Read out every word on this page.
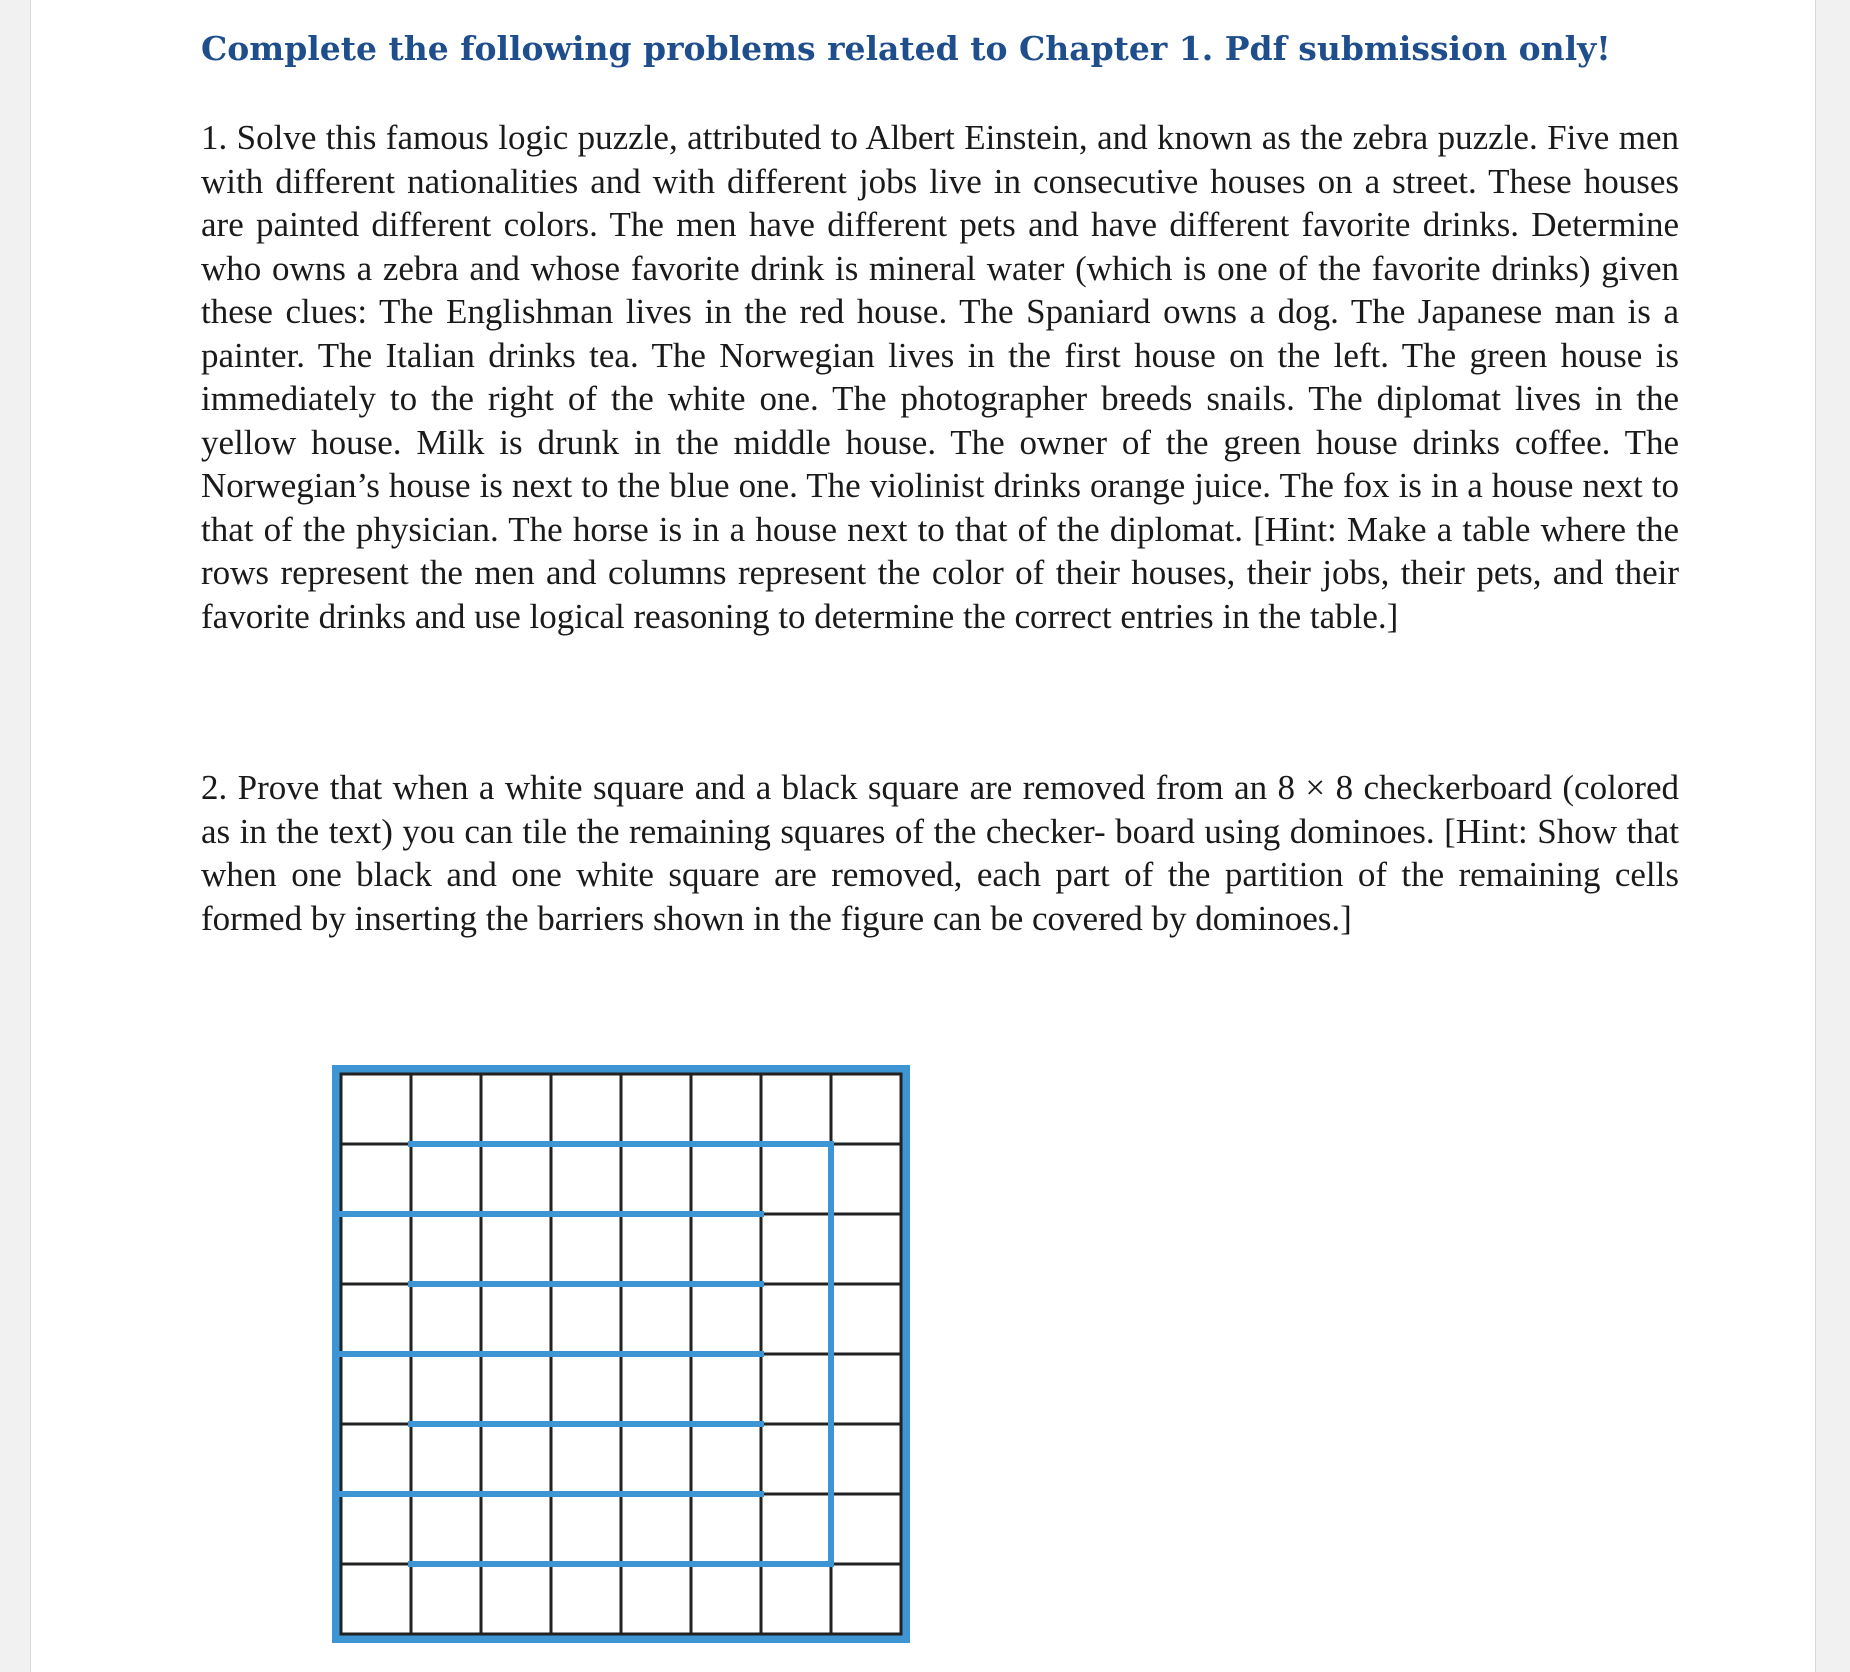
Complete the following problems related to Chapter 1. Pdf submission only!

1. Solve this famous logic puzzle, attributed to Albert Einstein, and known as the zebra puzzle. Five men with different nationalities and with different jobs live in consecutive houses on a street. These houses are painted different colors. The men have different pets and have different favorite drinks. Determine who owns a zebra and whose favorite drink is mineral water (which is one of the favorite drinks) given these clues: The Englishman lives in the red house. The Spaniard owns a dog. The Japanese man is a painter. The Italian drinks tea. The Norwegian lives in the first house on the left. The green house is immediately to the right of the white one. The photographer breeds snails. The diplomat lives in the yellow house. Milk is drunk in the middle house. The owner of the green house drinks coffee. The Norwegian’s house is next to the blue one. The violinist drinks orange juice. The fox is in a house next to that of the physician. The horse is in a house next to that of the diplomat. [Hint: Make a table where the rows represent the men and columns represent the color of their houses, their jobs, their pets, and their favorite drinks and use logical reasoning to determine the correct entries in the table.]

2. Prove that when a white square and a black square are removed from an 8 × 8 checkerboard (colored as in the text) you can tile the remaining squares of the checker- board using dominoes. [Hint: Show that when one black and one white square are removed, each part of the partition of the remaining cells formed by inserting the barriers shown in the figure can be covered by dominoes.]
